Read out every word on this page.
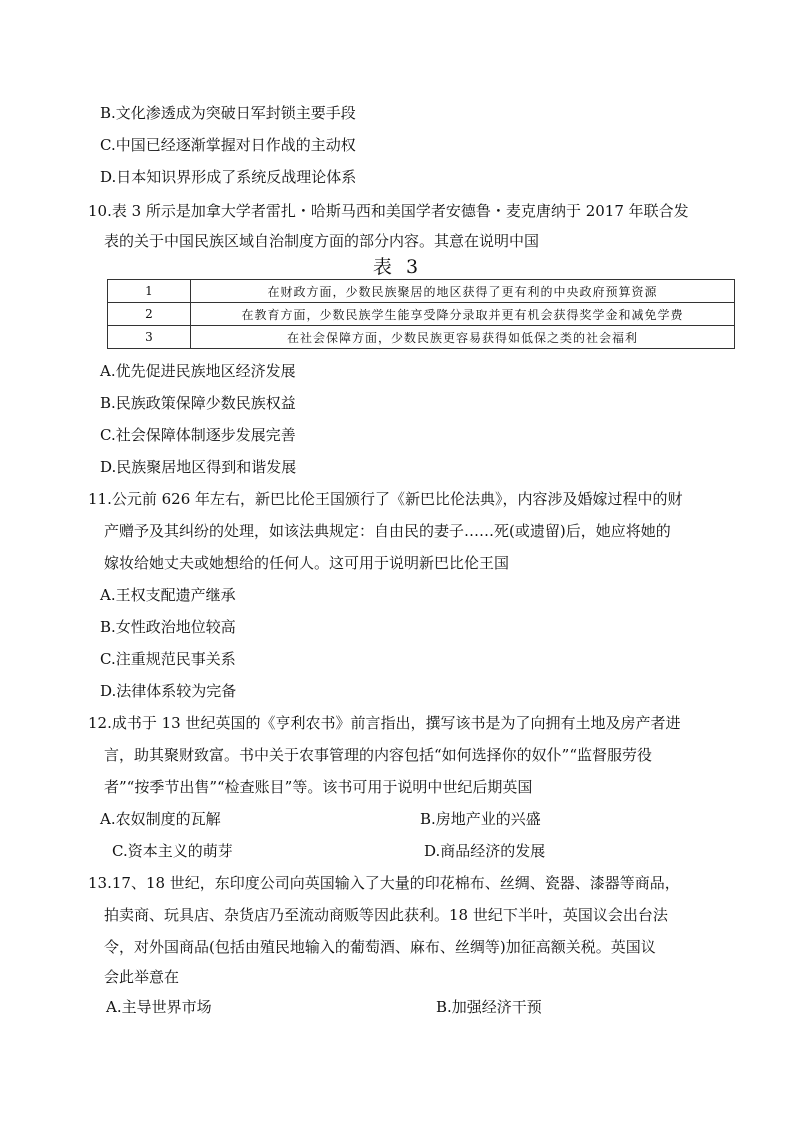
B.文化渗透成为突破日军封锁主要手段
C.中国已经逐渐掌握对日作战的主动权
D.日本知识界形成了系统反战理论体系
10.表 3 所示是加拿大学者雷扎・哈斯马西和美国学者安德鲁・麦克唐纳于 2017 年联合发
表的关于中国民族区域自治制度方面的部分内容。其意在说明中国
表 3
1	在财政方面，少数民族聚居的地区获得了更有利的中央政府预算资源
2	在教育方面，少数民族学生能享受降分录取并更有机会获得奖学金和减免学费
3	在社会保障方面，少数民族更容易获得如低保之类的社会福利
A.优先促进民族地区经济发展
B.民族政策保障少数民族权益
C.社会保障体制逐步发展完善
D.民族聚居地区得到和谐发展
11.公元前 626 年左右，新巴比伦王国颁行了《新巴比伦法典》，内容涉及婚嫁过程中的财
产赠予及其纠纷的处理，如该法典规定：自由民的妻子……死(或遗留)后，她应将她的
嫁妆给她丈夫或她想给的任何人。这可用于说明新巴比伦王国
A.王权支配遗产继承
B.女性政治地位较高
C.注重规范民事关系
D.法律体系较为完备
12.成书于 13 世纪英国的《亨利农书》前言指出，撰写该书是为了向拥有土地及房产者进
言，助其聚财致富。书中关于农事管理的内容包括“如何选择你的奴仆”“监督服劳役
者”“按季节出售”“检查账目”等。该书可用于说明中世纪后期英国
A.农奴制度的瓦解	B.房地产业的兴盛
C.资本主义的萌芽	D.商品经济的发展
13.17、18 世纪，东印度公司向英国输入了大量的印花棉布、丝绸、瓷器、漆器等商品，
拍卖商、玩具店、杂货店乃至流动商贩等因此获利。18 世纪下半叶，英国议会出台法
令，对外国商品(包括由殖民地输入的葡萄酒、麻布、丝绸等)加征高额关税。英国议
会此举意在
A.主导世界市场	B.加强经济干预
